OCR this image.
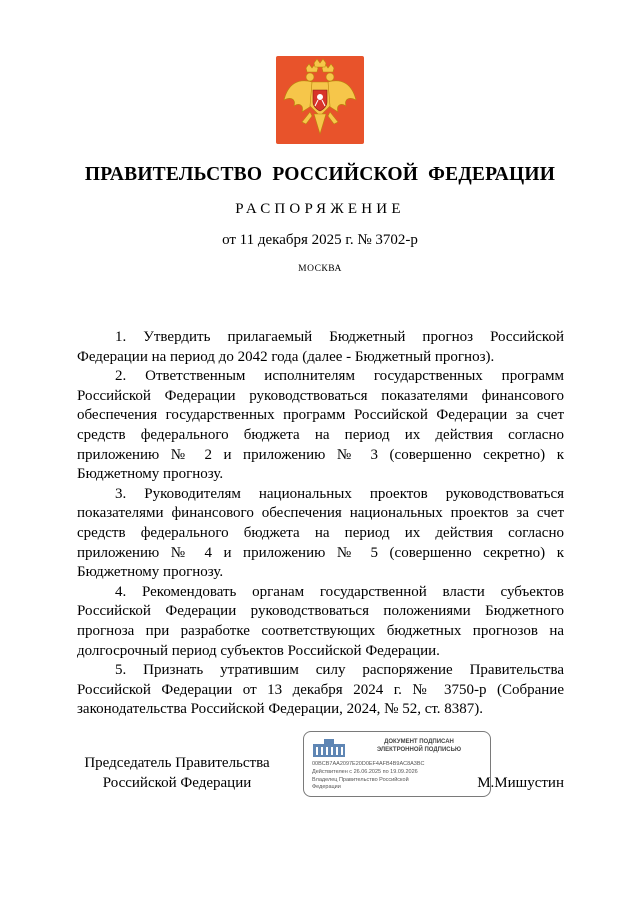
ПРАВИТЕЛЬСТВО РОССИЙСКОЙ ФЕДЕРАЦИИ
РАСПОРЯЖЕНИЕ
от 11 декабря 2025 г. № 3702-р
МОСКВА

1. Утвердить прилагаемый Бюджетный прогноз Российской Федерации на период до 2042 года (далее - Бюджетный прогноз).

2. Ответственным исполнителям государственных программ Российской Федерации руководствоваться показателями финансового обеспечения государственных программ Российской Федерации за счет средств федерального бюджета на период их действия согласно приложению № 2 и приложению № 3 (совершенно секретно) к Бюджетному прогнозу.

3. Руководителям национальных проектов руководствоваться показателями финансового обеспечения национальных проектов за счет средств федерального бюджета на период их действия согласно приложению № 4 и приложению № 5 (совершенно секретно) к Бюджетному прогнозу.

4. Рекомендовать органам государственной власти субъектов Российской Федерации руководствоваться положениями Бюджетного прогноза при разработке соответствующих бюджетных прогнозов на долгосрочный период субъектов Российской Федерации.

5. Признать утратившим силу распоряжение Правительства Российской Федерации от 13 декабря 2024 г. № 3750-р (Собрание законодательства Российской Федерации, 2024, № 52, ст. 8387).

Председатель Правительства
Российской Федерации
ДОКУМЕНТ ПОДПИСАН
ЭЛЕКТРОННОЙ ПОДПИСЬЮ
00BCB7AA2097E20D0EF4AFB4B9AC8A3BC
Действителен с 26.06.2025 по 19.09.2026
Владелец Правительство Российской
Федерации	М.Мишустин
